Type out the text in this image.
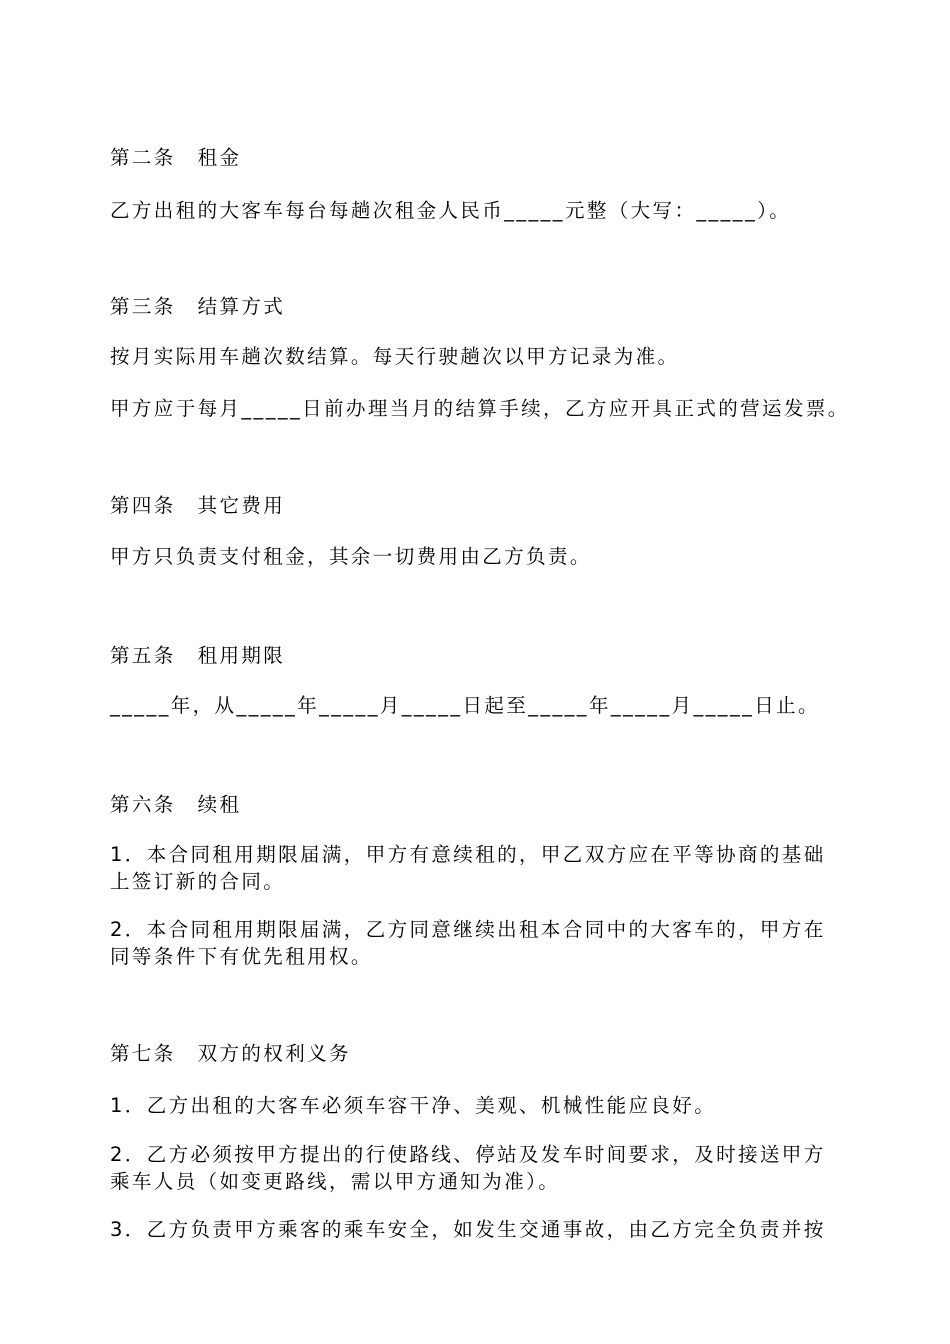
第二条　租金
乙方出租的大客车每台每趟次租金人民币_____元整（大写：_____）。
第三条　结算方式
按月实际用车趟次数结算。每天行驶趟次以甲方记录为准。
甲方应于每月_____日前办理当月的结算手续，乙方应开具正式的营运发票。
第四条　其它费用
甲方只负责支付租金，其余一切费用由乙方负责。
第五条　租用期限
_____年，从_____年_____月_____日起至_____年_____月_____日止。
第六条　续租
1．本合同租用期限届满，甲方有意续租的，甲乙双方应在平等协商的基础上签订新的合同。
2．本合同租用期限届满，乙方同意继续出租本合同中的大客车的，甲方在同等条件下有优先租用权。
第七条　双方的权利义务
1．乙方出租的大客车必须车容干净、美观、机械性能应良好。
2．乙方必须按甲方提出的行使路线、停站及发车时间要求，及时接送甲方乘车人员（如变更路线，需以甲方通知为准）。
3．乙方负责甲方乘客的乘车安全，如发生交通事故，由乙方完全负责并按
